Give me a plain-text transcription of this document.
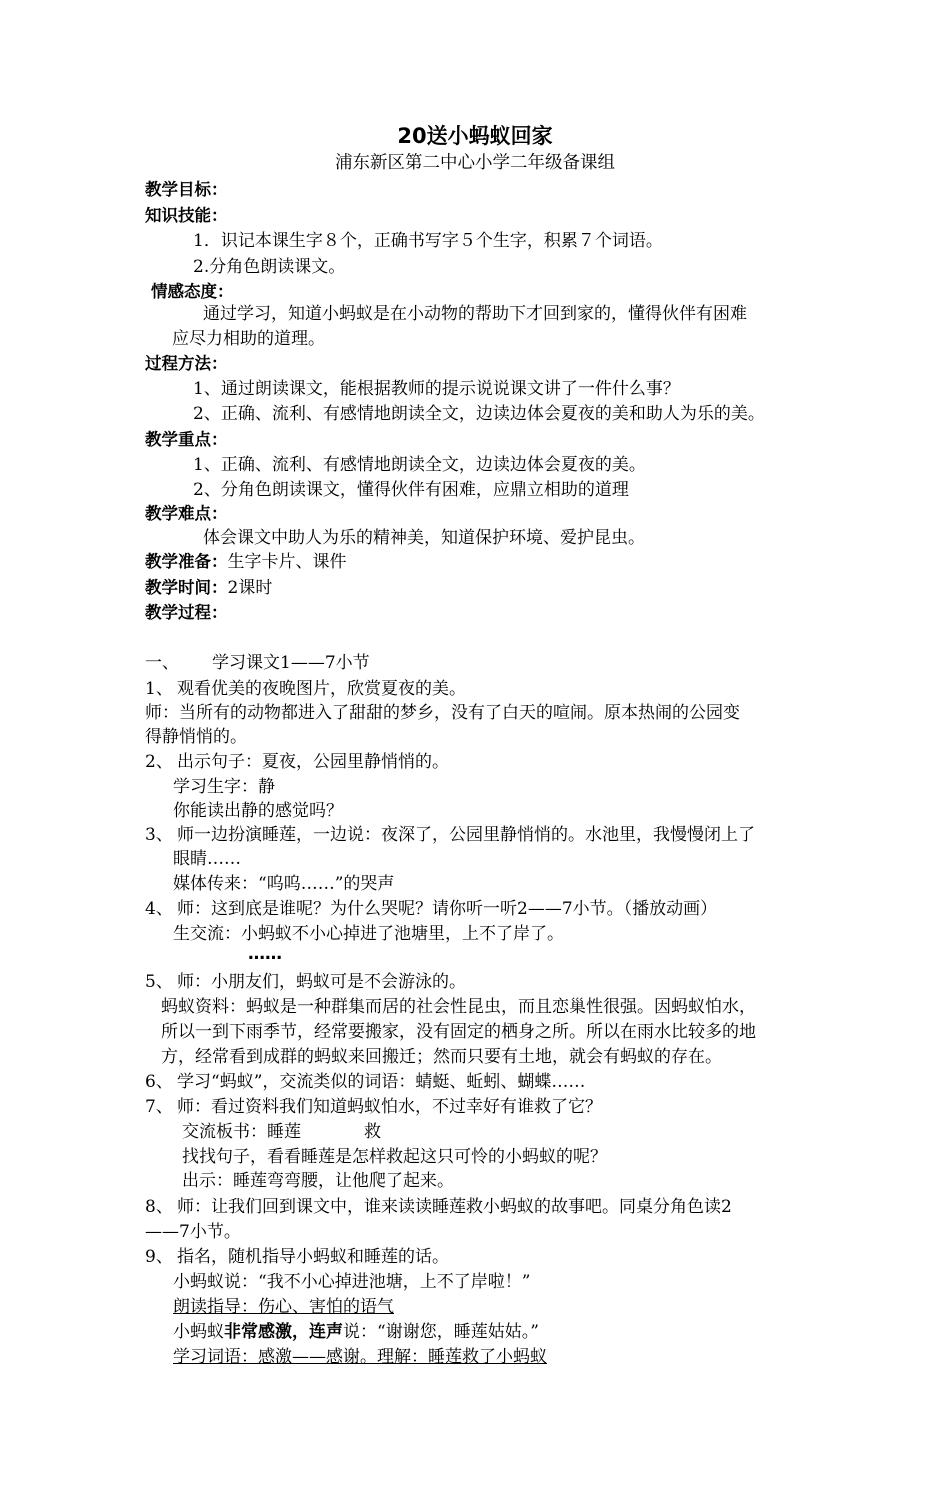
20送小蚂蚁回家
浦东新区第二中心小学二年级备课组
教学目标：
知识技能：
1．识记本课生字８个，正确书写字５个生字，积累７个词语。
2.分角色朗读课文。
情感态度：
通过学习，知道小蚂蚁是在小动物的帮助下才回到家的，懂得伙伴有困难
应尽力相助的道理。
过程方法：
1、通过朗读课文，能根据教师的提示说说课文讲了一件什么事？
2、正确、流利、有感情地朗读全文，边读边体会夏夜的美和助人为乐的美。
教学重点：
1、正确、流利、有感情地朗读全文，边读边体会夏夜的美。
2、分角色朗读课文，懂得伙伴有困难，应鼎立相助的道理
教学难点：
体会课文中助人为乐的精神美，知道保护环境、爱护昆虫。
教学准备：生字卡片、课件
教学时间：2课时
教学过程：
一、 学习课文1——7小节
1、 观看优美的夜晚图片，欣赏夏夜的美。
师：当所有的动物都进入了甜甜的梦乡，没有了白天的喧闹。原本热闹的公园变
得静悄悄的。
2、 出示句子：夏夜，公园里静悄悄的。
学习生字：静
你能读出静的感觉吗？
3、 师一边扮演睡莲，一边说：夜深了，公园里静悄悄的。水池里，我慢慢闭上了
眼睛……
媒体传来：“呜呜……”的哭声
4、 师：这到底是谁呢？为什么哭呢？请你听一听2——7小节。（播放动画）
生交流：小蚂蚁不小心掉进了池塘里，上不了岸了。
……
5、 师：小朋友们，蚂蚁可是不会游泳的。
蚂蚁资料：蚂蚁是一种群集而居的社会性昆虫，而且恋巢性很强。因蚂蚁怕水，
所以一到下雨季节，经常要搬家，没有固定的栖身之所。所以在雨水比较多的地
方，经常看到成群的蚂蚁来回搬迁；然而只要有土地，就会有蚂蚁的存在。
6、 学习“蚂蚁”，交流类似的词语：蜻蜓、蚯蚓、蝴蝶……
7、 师：看过资料我们知道蚂蚁怕水，不过幸好有谁救了它？
交流板书：睡莲	救
找找句子，看看睡莲是怎样救起这只可怜的小蚂蚁的呢？
出示：睡莲弯弯腰，让他爬了起来。
8、 师：让我们回到课文中，谁来读读睡莲救小蚂蚁的故事吧。同桌分角色读2
——7小节。
9、 指名，随机指导小蚂蚁和睡莲的话。
小蚂蚁说：“我不小心掉进池塘，上不了岸啦！”
朗读指导：伤心、害怕的语气
小蚂蚁非常感激，连声说：“谢谢您，睡莲姑姑。”
学习词语：感激——感谢。理解：睡莲救了小蚂蚁
